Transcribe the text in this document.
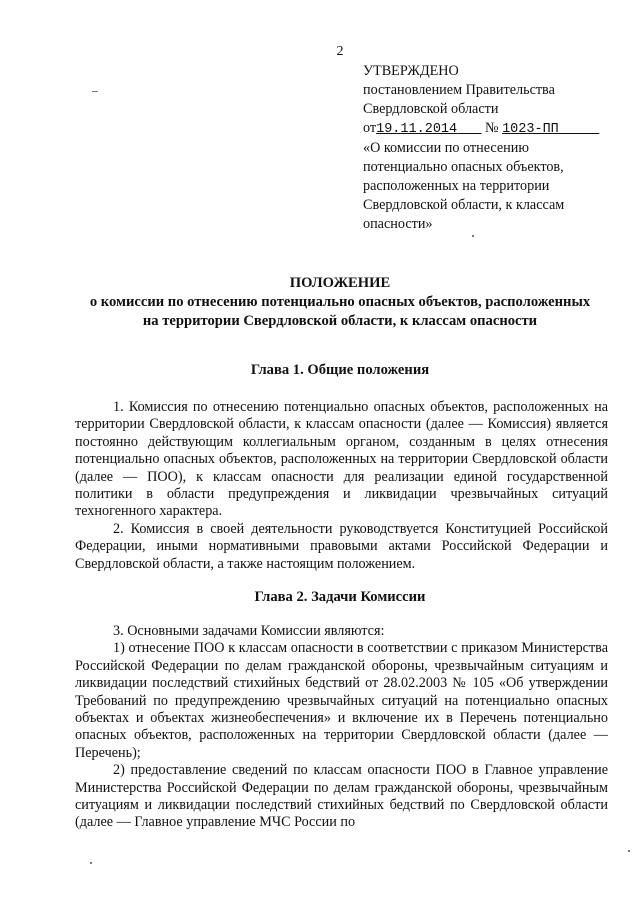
2
УТВЕРЖДЕНО
постановлением Правительства
Свердловской области
от19.11.2014 № 1023-ПП
«О комиссии по отнесению
потенциально опасных объектов,
расположенных на территории
Свердловской области, к классам
опасности»
ПОЛОЖЕНИЕ
о комиссии по отнесению потенциально опасных объектов, расположенных
на территории Свердловской области, к классам опасности
Глава 1. Общие положения

1. Комиссия по отнесению потенциально опасных объектов, расположенных на территории Свердловской области, к классам опасности (далее — Комиссия) является постоянно действующим коллегиальным органом, созданным в целях отнесения потенциально опасных объектов, расположенных на территории Свердловской области (далее — ПОО), к классам опасности для реализации единой государственной политики в области предупреждения и ликвидации чрезвычайных ситуаций техногенного характера.

2. Комиссия в своей деятельности руководствуется Конституцией Российской Федерации, иными нормативными правовыми актами Российской Федерации и Свердловской области, а также настоящим положением.

Глава 2. Задачи Комиссии

3. Основными задачами Комиссии являются:

1) отнесение ПОО к классам опасности в соответствии с приказом Министерства Российской Федерации по делам гражданской обороны, чрезвычайным ситуациям и ликвидации последствий стихийных бедствий от 28.02.2003 № 105 «Об утверждении Требований по предупреждению чрезвычайных ситуаций на потенциально опасных объектах и объектах жизнеобеспечения» и включение их в Перечень потенциально опасных объектов, расположенных на территории Свердловской области (далее — Перечень);

2) предоставление сведений по классам опасности ПОО в Главное управление Министерства Российской Федерации по делам гражданской обороны, чрезвычайным ситуациям и ликвидации последствий стихийных бедствий по Свердловской области (далее — Главное управление МЧС России по
